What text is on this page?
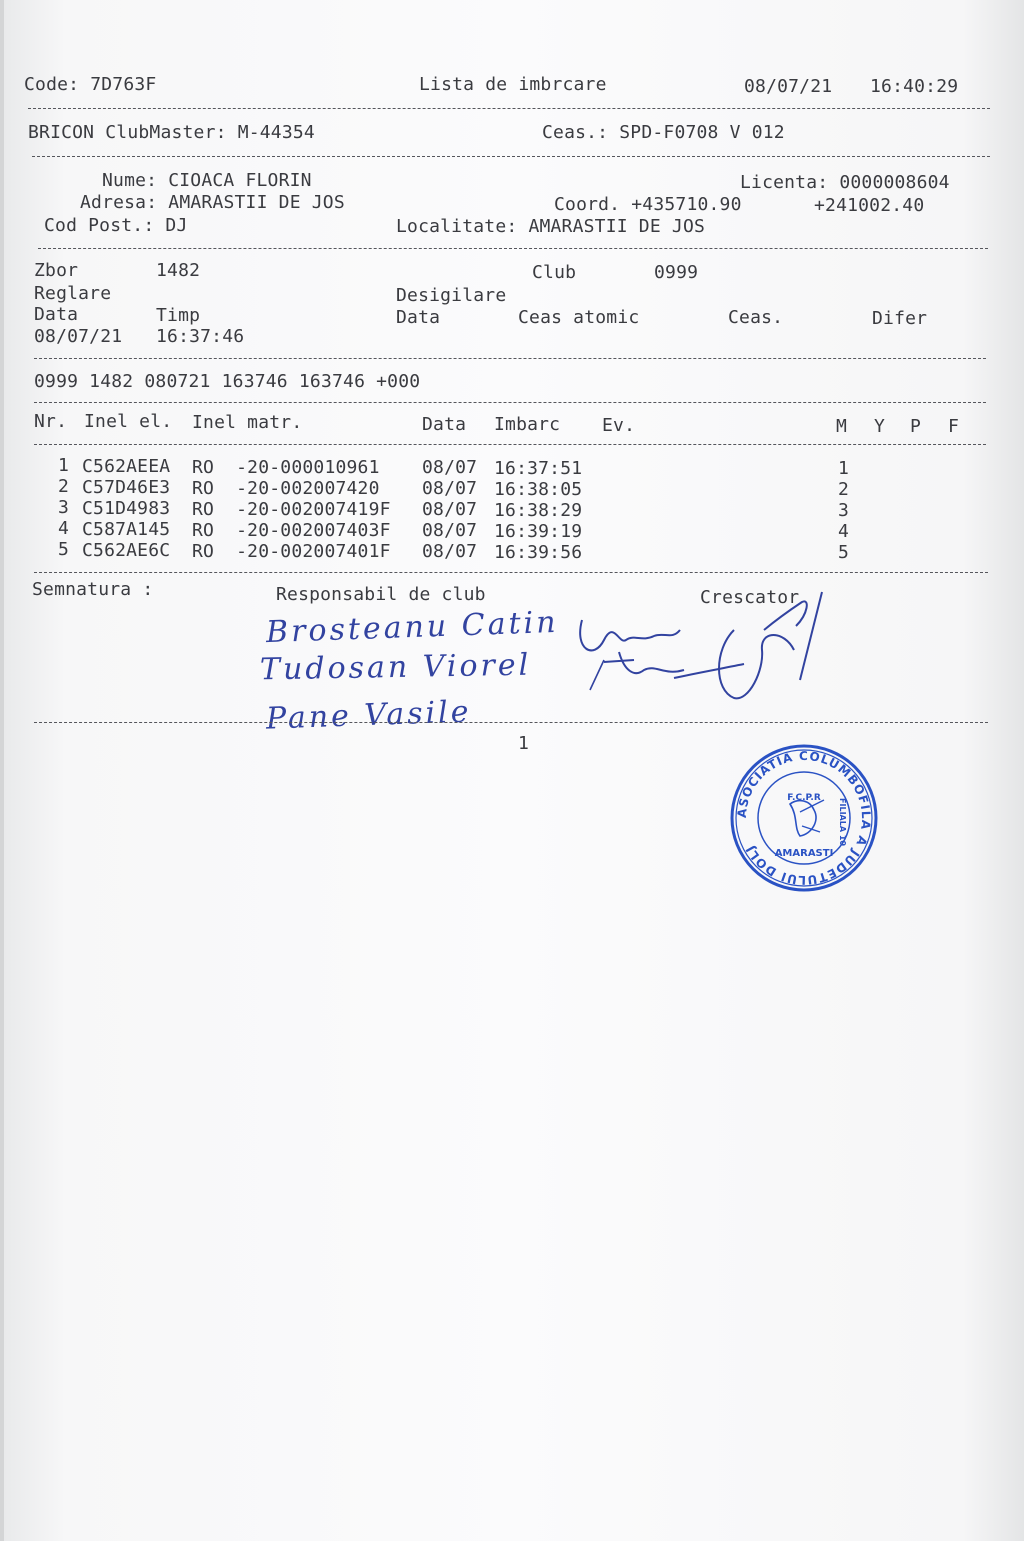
Code: 7D763F	Lista de imbrcare	08/07/21 16:40:29
BRICON ClubMaster: M-44354	Ceas.: SPD-F0708 V 012
Nume: CIOACA FLORIN	Licenta: 0000008604
Adresa: AMARASTII DE JOS	Coord. +435710.90	+241002.40
Cod Post.: DJ	Localitate: AMARASTII DE JOS
Zbor	1482	Club	0999
Reglare	Desigilare
Data	Timp	Data	Ceas atomic	Ceas.	Difer
08/07/21 16:37:46
0999 1482 080721 163746 163746 +000
Nr. Inel el. Inel matr.	Data Imbarc Ev.	M Y P F
1 C562AEEA RO  -20-000010961 08/07 16:37:51	1
2 C57D46E3 RO  -20-002007420 08/07 16:38:05	2
3 C51D4983 RO  -20-002007419F 08/07 16:38:29	3
4 C587A145 RO  -20-002007403F 08/07 16:39:19	4
5 C562AE6C RO  -20-002007401F 08/07 16:39:56	5
Semnatura :	Responsabil de club	Crescator
Brosteanu Catin
Tudosan Viorel
Pane Vasile
1
ASOCIATIA COLUMBOFILA A JUDETULUI DOLJ
F.C.P.R
AMARASTI
FILIALA 10
